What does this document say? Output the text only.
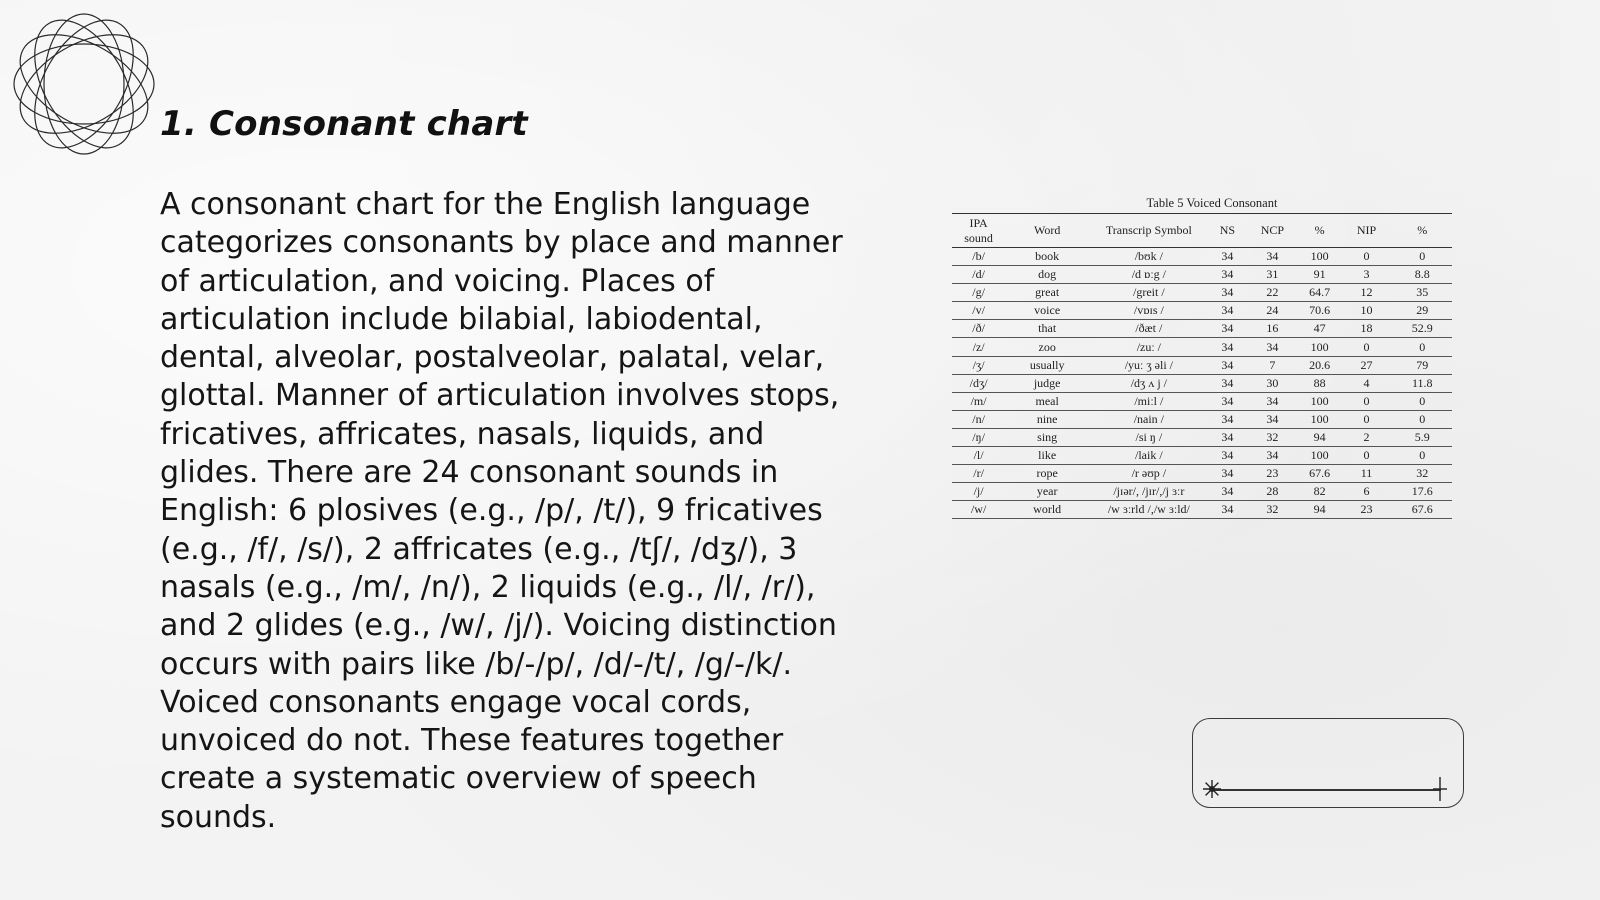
1. Consonant chart

A consonant chart for the English language categorizes consonants by place and manner of articulation, and voicing. Places of articulation include bilabial, labiodental, dental, alveolar, postalveolar, palatal, velar, glottal. Manner of articulation involves stops, fricatives, affricates, nasals, liquids, and glides. There are 24 consonant sounds in English: 6 plosives (e.g., /p/, /t/), 9 fricatives (e.g., /f/, /s/), 2 affricates (e.g., /tʃ/, /dʒ/), 3 nasals (e.g., /m/, /n/), 2 liquids (e.g., /l/, /r/), and 2 glides (e.g., /w/, /j/). Voicing distinction occurs with pairs like /b/-/p/, /d/-/t/, /g/-/k/. Voiced consonants engage vocal cords, unvoiced do not. These features together create a systematic overview of speech sounds.

Table 5 Voiced Consonant
IPA sound	Word	Transcrip Symbol	NS	NCP	%	NIP	%
/b/	book	/bʊk /	34	34	100	0	0
/d/	dog	/d ɒːg /	34	31	91	3	8.8
/g/	great	/greit /	34	22	64.7	12	35
/v/	voice	/vɒɪs /	34	24	70.6	10	29
/ð/	that	/ðæt /	34	16	47	18	52.9
/z/	zoo	/zuː /	34	34	100	0	0
/ʒ/	usually	/yuː ʒ əli /	34	7	20.6	27	79
/dʒ/	judge	/dʒ ʌ j /	34	30	88	4	11.8
/m/	meal	/miːl /	34	34	100	0	0
/n/	nine	/nain /	34	34	100	0	0
/ŋ/	sing	/si ŋ /	34	32	94	2	5.9
/l/	like	/laik /	34	34	100	0	0
/r/	rope	/r əʊp /	34	23	67.6	11	32
/j/	year	/jɪər/, /jɪr/,/j ɜːr	34	28	82	6	17.6
/w/	world	/w ɜːrld /,/w ɜːld/	34	32	94	23	67.6
